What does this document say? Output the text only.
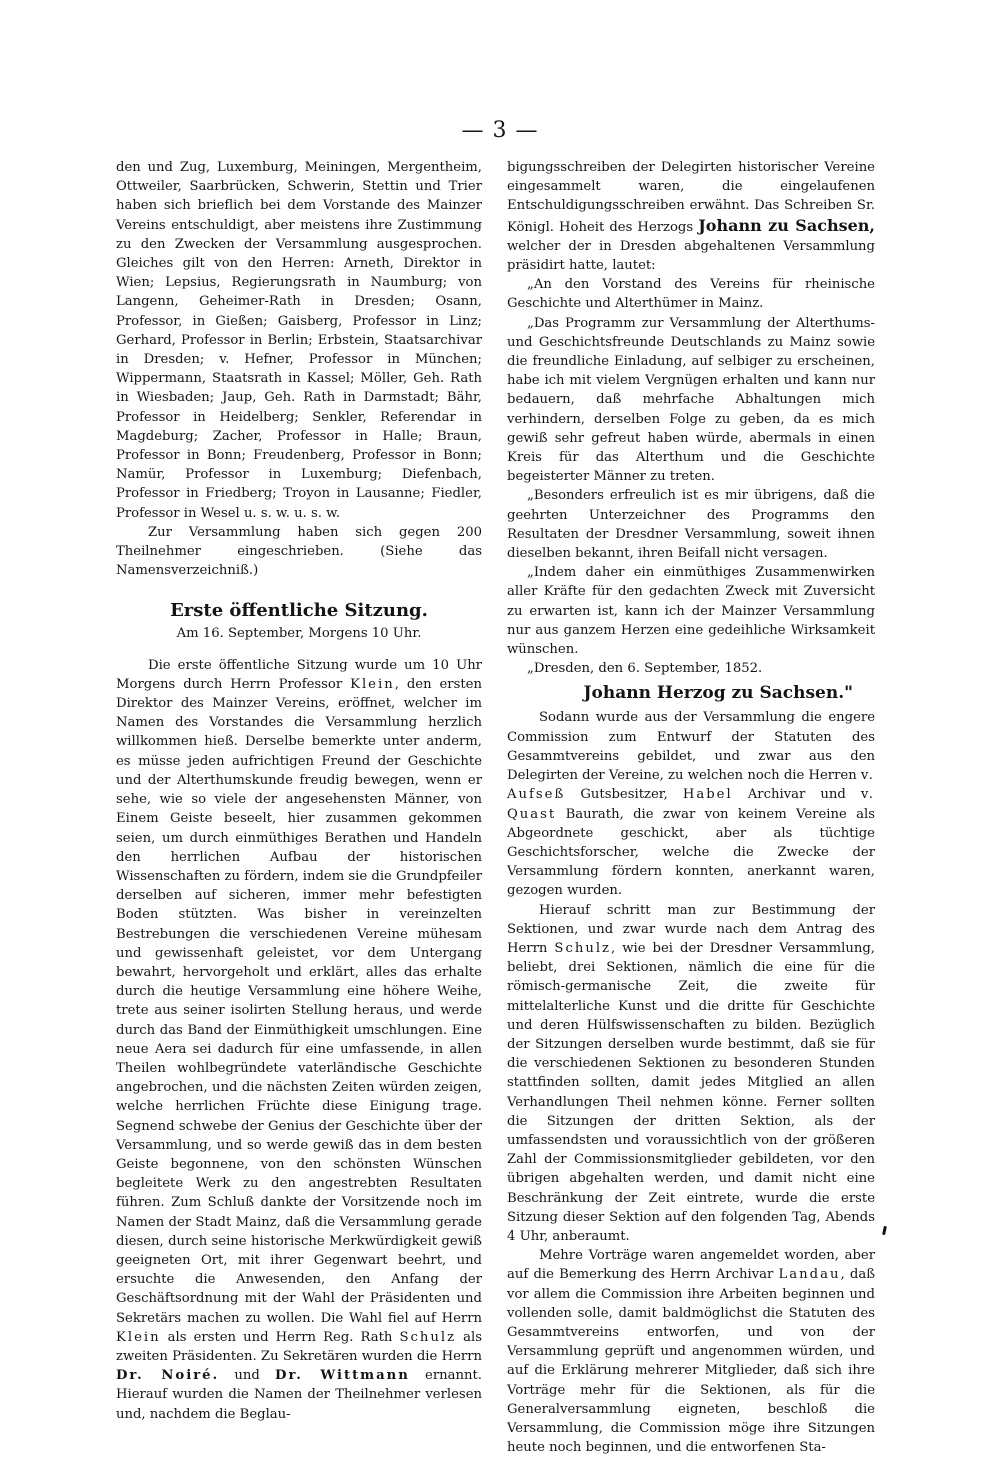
— 3 —

den und Zug, Luxemburg, Meiningen, Mergentheim, Ottweiler, Saarbrücken, Schwerin, Stettin und Trier haben sich brieflich bei dem Vorstande des Mainzer Vereins entschuldigt, aber meistens ihre Zustimmung zu den Zwecken der Versammlung ausgesprochen. Gleiches gilt von den Herren: Arneth, Direktor in Wien; Lepsius, Regierungsrath in Naumburg; von Langenn, Geheimer-Rath in Dresden; Osann, Professor, in Gießen; Gaisberg, Professor in Linz; Gerhard, Professor in Berlin; Erbstein, Staatsarchivar in Dresden; v. Hefner, Professor in München; Wippermann, Staatsrath in Kassel; Möller, Geh. Rath in Wiesbaden; Jaup, Geh. Rath in Darmstadt; Bähr, Professor in Heidelberg; Senkler, Referendar in Magdeburg; Zacher, Professor in Halle; Braun, Professor in Bonn; Freudenberg, Professor in Bonn; Namür, Professor in Luxemburg; Diefenbach, Professor in Friedberg; Troyon in Lausanne; Fiedler, Professor in Wesel u. s. w. u. s. w.

Zur Versammlung haben sich gegen 200 Theilnehmer eingeschrieben. (Siehe das Namensverzeichniß.)

Erste öffentliche Sitzung.
Am 16. September, Morgens 10 Uhr.

Die erste öffentliche Sitzung wurde um 10 Uhr Morgens durch Herrn Professor Klein, den ersten Direktor des Mainzer Vereins, eröffnet, welcher im Namen des Vorstandes die Versammlung herzlich willkommen hieß. Derselbe bemerkte unter anderm, es müsse jeden aufrichtigen Freund der Geschichte und der Alterthumskunde freudig bewegen, wenn er sehe, wie so viele der angesehensten Männer, von Einem Geiste beseelt, hier zusammen gekommen seien, um durch einmüthiges Berathen und Handeln den herrlichen Aufbau der historischen Wissenschaften zu fördern, indem sie die Grundpfeiler derselben auf sicheren, immer mehr befestigten Boden stützten. Was bisher in vereinzelten Bestrebungen die verschiedenen Vereine mühesam und gewissenhaft geleistet, vor dem Untergang bewahrt, hervorgeholt und erklärt, alles das erhalte durch die heutige Versammlung eine höhere Weihe, trete aus seiner isolirten Stellung heraus, und werde durch das Band der Einmüthigkeit umschlungen. Eine neue Aera sei dadurch für eine umfassende, in allen Theilen wohlbegründete vaterländische Geschichte angebrochen, und die nächsten Zeiten würden zeigen, welche herrlichen Früchte diese Einigung trage. Segnend schwebe der Genius der Geschichte über der Versammlung, und so werde gewiß das in dem besten Geiste begonnene, von den schönsten Wünschen begleitete Werk zu den angestrebten Resultaten führen. Zum Schluß dankte der Vorsitzende noch im Namen der Stadt Mainz, daß die Versammlung gerade diesen, durch seine historische Merkwürdigkeit gewiß geeigneten Ort, mit ihrer Gegenwart beehrt, und ersuchte die Anwesenden, den Anfang der Geschäftsordnung mit der Wahl der Präsidenten und Sekretärs machen zu wollen. Die Wahl fiel auf Herrn Klein als ersten und Herrn Reg. Rath Schulz als zweiten Präsidenten. Zu Sekretären wurden die Herrn Dr. Noiré. und Dr. Wittmann ernannt. Hierauf wurden die Namen der Theilnehmer verlesen und, nachdem die Beglau-

bigungsschreiben der Delegirten historischer Vereine eingesammelt waren, die eingelaufenen Entschuldigungsschreiben erwähnt. Das Schreiben Sr. Königl. Hoheit des Herzogs Johann zu Sachsen, welcher der in Dresden abgehaltenen Versammlung präsidirt hatte, lautet:

„An den Vorstand des Vereins für rheinische Geschichte und Alterthümer in Mainz.

„Das Programm zur Versammlung der Alterthums- und Geschichtsfreunde Deutschlands zu Mainz sowie die freundliche Einladung, auf selbiger zu erscheinen, habe ich mit vielem Vergnügen erhalten und kann nur bedauern, daß mehrfache Abhaltungen mich verhindern, derselben Folge zu geben, da es mich gewiß sehr gefreut haben würde, abermals in einen Kreis für das Alterthum und die Geschichte begeisterter Männer zu treten.

„Besonders erfreulich ist es mir übrigens, daß die geehrten Unterzeichner des Programms den Resultaten der Dresdner Versammlung, soweit ihnen dieselben bekannt, ihren Beifall nicht versagen.

„Indem daher ein einmüthiges Zusammenwirken aller Kräfte für den gedachten Zweck mit Zuversicht zu erwarten ist, kann ich der Mainzer Versammlung nur aus ganzem Herzen eine gedeihliche Wirksamkeit wünschen.

„Dresden, den 6. September, 1852.

Johann Herzog zu Sachsen."

Sodann wurde aus der Versammlung die engere Commission zum Entwurf der Statuten des Gesammtvereins gebildet, und zwar aus den Delegirten der Vereine, zu welchen noch die Herren v. Aufseß Gutsbesitzer, Habel Archivar und v. Quast Baurath, die zwar von keinem Vereine als Abgeordnete geschickt, aber als tüchtige Geschichtsforscher, welche die Zwecke der Versammlung fördern konnten, anerkannt waren, gezogen wurden.

Hierauf schritt man zur Bestimmung der Sektionen, und zwar wurde nach dem Antrag des Herrn Schulz, wie bei der Dresdner Versammlung, beliebt, drei Sektionen, nämlich die eine für die römisch-germanische Zeit, die zweite für mittelalterliche Kunst und die dritte für Geschichte und deren Hülfswissenschaften zu bilden. Bezüglich der Sitzungen derselben wurde bestimmt, daß sie für die verschiedenen Sektionen zu besonderen Stunden stattfinden sollten, damit jedes Mitglied an allen Verhandlungen Theil nehmen könne. Ferner sollten die Sitzungen der dritten Sektion, als der umfassendsten und voraussichtlich von der größeren Zahl der Commissionsmitglieder gebildeten, vor den übrigen abgehalten werden, und damit nicht eine Beschränkung der Zeit eintrete, wurde die erste Sitzung dieser Sektion auf den folgenden Tag, Abends 4 Uhr, anberaumt.

Mehre Vorträge waren angemeldet worden, aber auf die Bemerkung des Herrn Archivar Landau, daß vor allem die Commission ihre Arbeiten beginnen und vollenden solle, damit baldmöglichst die Statuten des Gesammtvereins entworfen, und von der Versammlung geprüft und angenommen würden, und auf die Erklärung mehrerer Mitglieder, daß sich ihre Vorträge mehr für die Sektionen, als für die Generalversammlung eigneten, beschloß die Versammlung, die Commission möge ihre Sitzungen heute noch beginnen, und die entworfenen Sta-
